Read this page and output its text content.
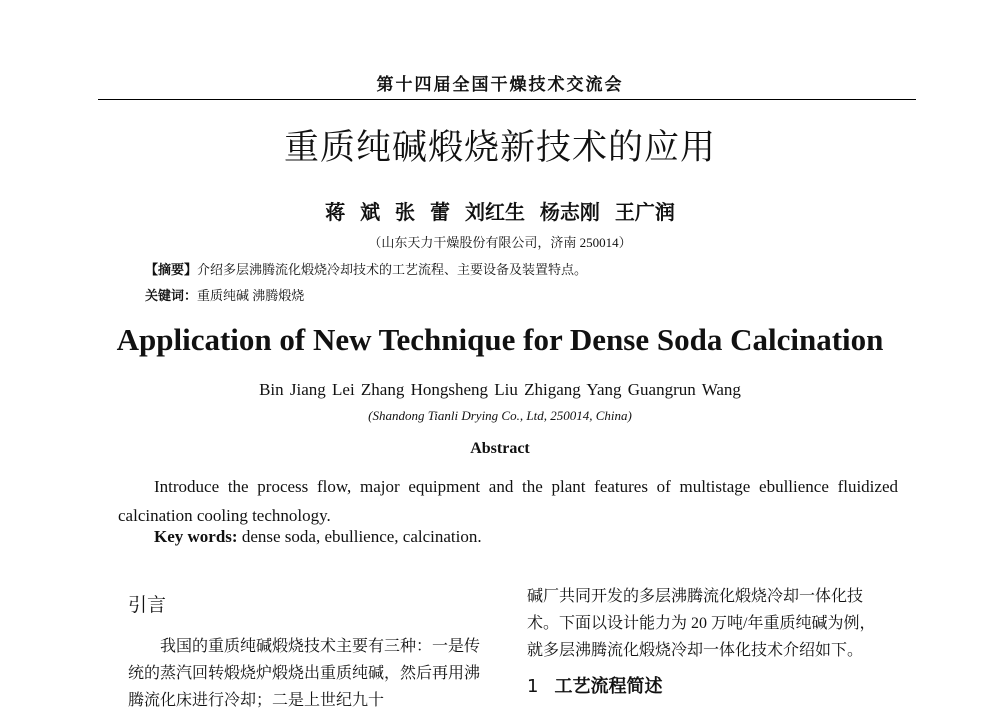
第十四届全国干燥技术交流会
重质纯碱煅烧新技术的应用
蒋 斌 张 蕾 刘红生 杨志刚 王广润
（山东天力干燥股份有限公司，济南 250014）
【摘要】介绍多层沸腾流化煅烧冷却技术的工艺流程、主要设备及装置特点。
关键词：重质纯碱 沸腾煅烧
Application of New Technique for Dense Soda Calcination
Bin Jiang Lei Zhang Hongsheng Liu Zhigang Yang Guangrun Wang
(Shandong Tianli Drying Co., Ltd, 250014, China)
Abstract
Introduce the process flow, major equipment and the plant features of multistage ebullience fluidized calcination cooling technology.
Key words: dense soda, ebullience, calcination.
引言

我国的重质纯碱煅烧技术主要有三种：一是传统的蒸汽回转煅烧炉煅烧出重质纯碱，然后再用沸腾流化床进行冷却；二是上世纪九十

碱厂共同开发的多层沸腾流化煅烧冷却一体化技术。下面以设计能力为 20 万吨/年重质纯碱为例，就多层沸腾流化煅烧冷却一体化技术介绍如下。

1 工艺流程简述
